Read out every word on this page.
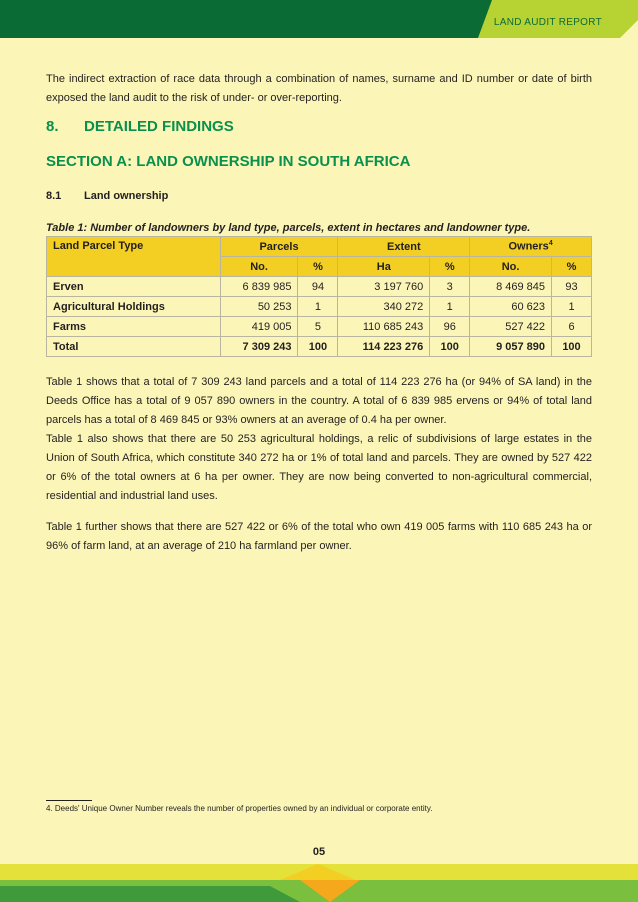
LAND AUDIT REPORT

The indirect extraction of race data through a combination of names, surname and ID number or date of birth exposed the land audit to the risk of under- or over-reporting.

8. DETAILED FINDINGS
SECTION A: LAND OWNERSHIP IN SOUTH AFRICA
8.1 Land ownership
Table 1: Number of landowners by land type, parcels, extent in hectares and landowner type.
Land Parcel Type	Parcels		Extent		Owners$^4$
	No.	%	Ha	%	No.	%
Erven	6 839 985	94	3 197 760	3	8 469 845	93
Agricultural Holdings	50 253	1	340 272	1	60 623	1
Farms	419 005	5	110 685 243	96	527 422	6
Total	7 309 243	100	114 223 276	100	9 057 890	100

Table 1 shows that a total of 7 309 243 land parcels and a total of 114 223 276 ha (or 94% of SA land) in the Deeds Office has a total of 9 057 890 owners in the country. A total of 6 839 985 ervens or 94% of total land parcels has a total of 8 469 845 or 93% owners at an average of 0.4 ha per owner.

Table 1 also shows that there are 50 253 agricultural holdings, a relic of subdivisions of large estates in the Union of South Africa, which constitute 340 272 ha or 1% of total land and parcels. They are owned by 527 422 or 6% of the total owners at 6 ha per owner. They are now being converted to non-agricultural commercial, residential and industrial land uses.

Table 1 further shows that there are 527 422 or 6% of the total who own 419 005 farms with 110 685 243 ha or 96% of farm land, at an average of 210 ha farmland per owner.

4. Deeds' Unique Owner Number reveals the number of properties owned by an individual or corporate entity.
05
